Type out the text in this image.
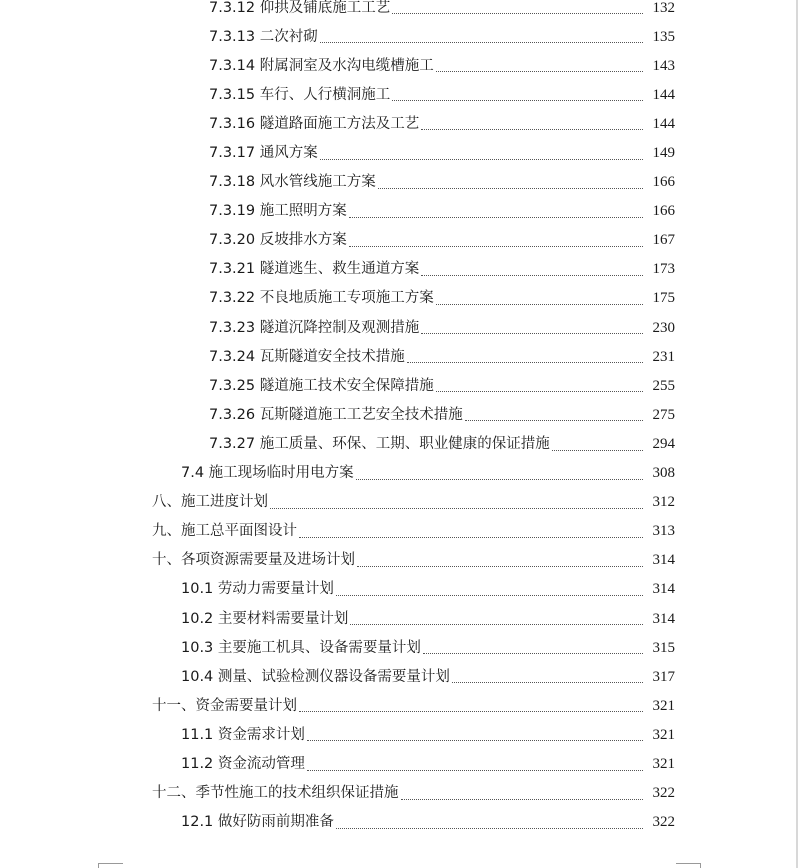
7.3.12 仰拱及铺底施工工艺	132
7.3.13 二次衬砌	135
7.3.14 附属洞室及水沟电缆槽施工	143
7.3.15 车行、人行横洞施工	144
7.3.16 隧道路面施工方法及工艺	144
7.3.17 通风方案	149
7.3.18 风水管线施工方案	166
7.3.19 施工照明方案	166
7.3.20 反坡排水方案	167
7.3.21 隧道逃生、救生通道方案	173
7.3.22 不良地质施工专项施工方案	175
7.3.23 隧道沉降控制及观测措施	230
7.3.24 瓦斯隧道安全技术措施	231
7.3.25 隧道施工技术安全保障措施	255
7.3.26 瓦斯隧道施工工艺安全技术措施	275
7.3.27 施工质量、环保、工期、职业健康的保证措施	294
7.4 施工现场临时用电方案	308
八、施工进度计划	312
九、施工总平面图设计	313
十、各项资源需要量及进场计划	314
10.1 劳动力需要量计划	314
10.2 主要材料需要量计划	314
10.3 主要施工机具、设备需要量计划	315
10.4 测量、试验检测仪器设备需要量计划	317
十一、资金需要量计划	321
11.1 资金需求计划	321
11.2 资金流动管理	321
十二、季节性施工的技术组织保证措施	322
12.1 做好防雨前期准备	322
